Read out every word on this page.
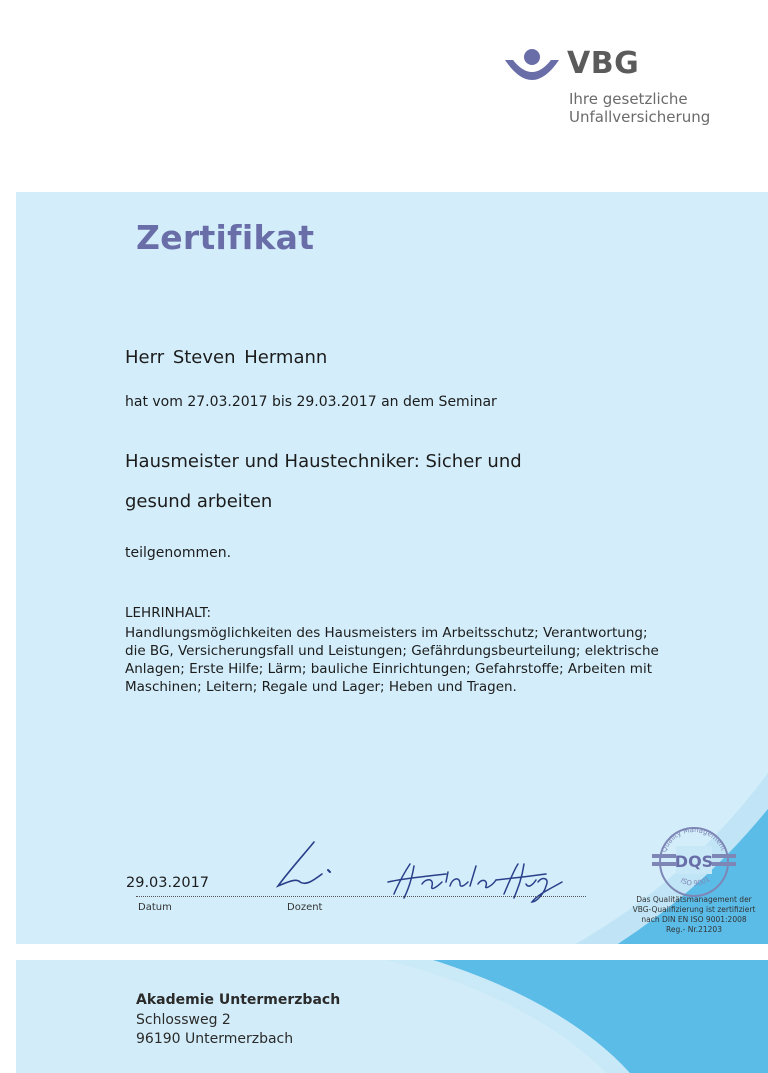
VBG
Ihre gesetzliche
Unfallversicherung
Zertifikat
Herr Steven Hermann
hat vom 27.03.2017 bis 29.03.2017 an dem Seminar
Hausmeister und Haustechniker: Sicher und
gesund arbeiten
teilgenommen.
LEHRINHALT:
Handlungsmöglichkeiten des Hausmeisters im Arbeitsschutz; Verantwortung;
die BG, Versicherungsfall und Leistungen; Gefährdungsbeurteilung; elektrische
Anlagen; Erste Hilfe; Lärm; bauliche Einrichtungen; Gefahrstoffe; Arbeiten mit
Maschinen; Leitern; Regale und Lager; Heben und Tragen.
29.03.2017
Datum	Dozent
Quality Management
DQS
ISO 9001
Das Qualitätsmanagement der
VBG-Qualifizierung ist zertifiziert
nach DIN EN ISO 9001:2008
Reg.- Nr.21203
Akademie Untermerzbach
Schlossweg 2
96190 Untermerzbach
